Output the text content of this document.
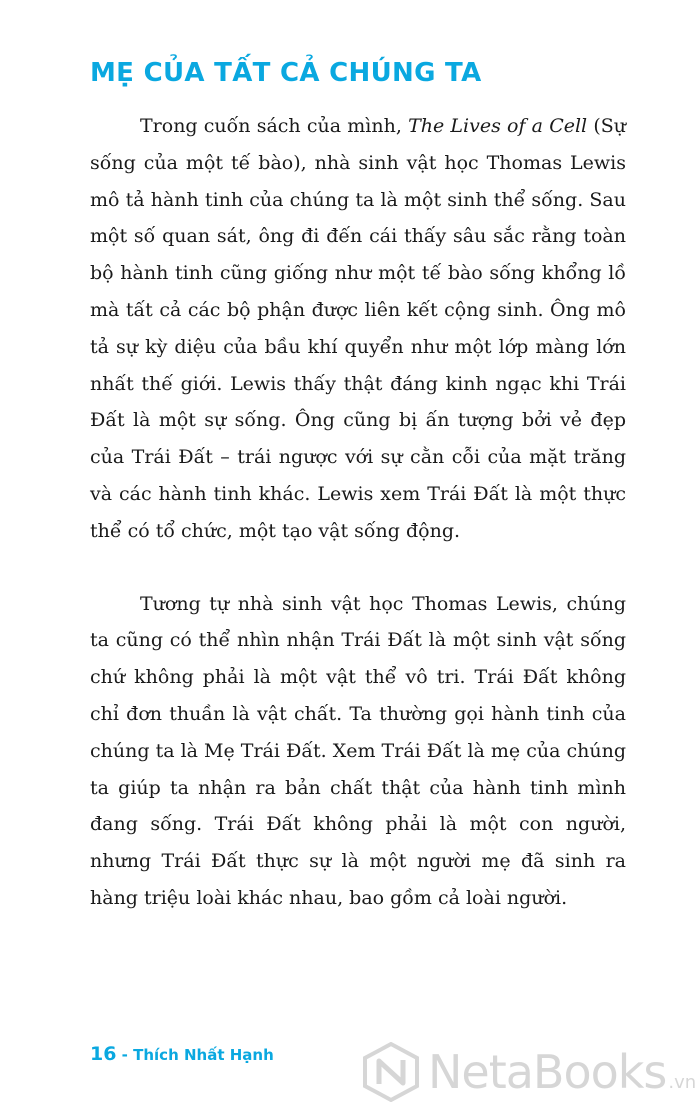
MẸ CỦA TẤT CẢ CHÚNG TA

Trong cuốn sách của mình, The Lives of a Cell (Sự sống của một tế bào), nhà sinh vật học Thomas Lewis mô tả hành tinh của chúng ta là một sinh thể sống. Sau một số quan sát, ông đi đến cái thấy sâu sắc rằng toàn bộ hành tinh cũng giống như một tế bào sống khổng lồ mà tất cả các bộ phận được liên kết cộng sinh. Ông mô tả sự kỳ diệu của bầu khí quyển như một lớp màng lớn nhất thế giới. Lewis thấy thật đáng kinh ngạc khi Trái Đất là một sự sống. Ông cũng bị ấn tượng bởi vẻ đẹp của Trái Đất – trái ngược với sự cằn cỗi của mặt trăng và các hành tinh khác. Lewis xem Trái Đất là một thực thể có tổ chức, một tạo vật sống động.

Tương tự nhà sinh vật học Thomas Lewis, chúng ta cũng có thể nhìn nhận Trái Đất là một sinh vật sống chứ không phải là một vật thể vô tri. Trái Đất không chỉ đơn thuần là vật chất. Ta thường gọi hành tinh của chúng ta là Mẹ Trái Đất. Xem Trái Đất là mẹ của chúng ta giúp ta nhận ra bản chất thật của hành tinh mình đang sống. Trái Đất không phải là một con người, nhưng Trái Đất thực sự là một người mẹ đã sinh ra hàng triệu loài khác nhau, bao gồm cả loài người.

16 - Thích Nhất Hạnh	NetaBooks .vn
